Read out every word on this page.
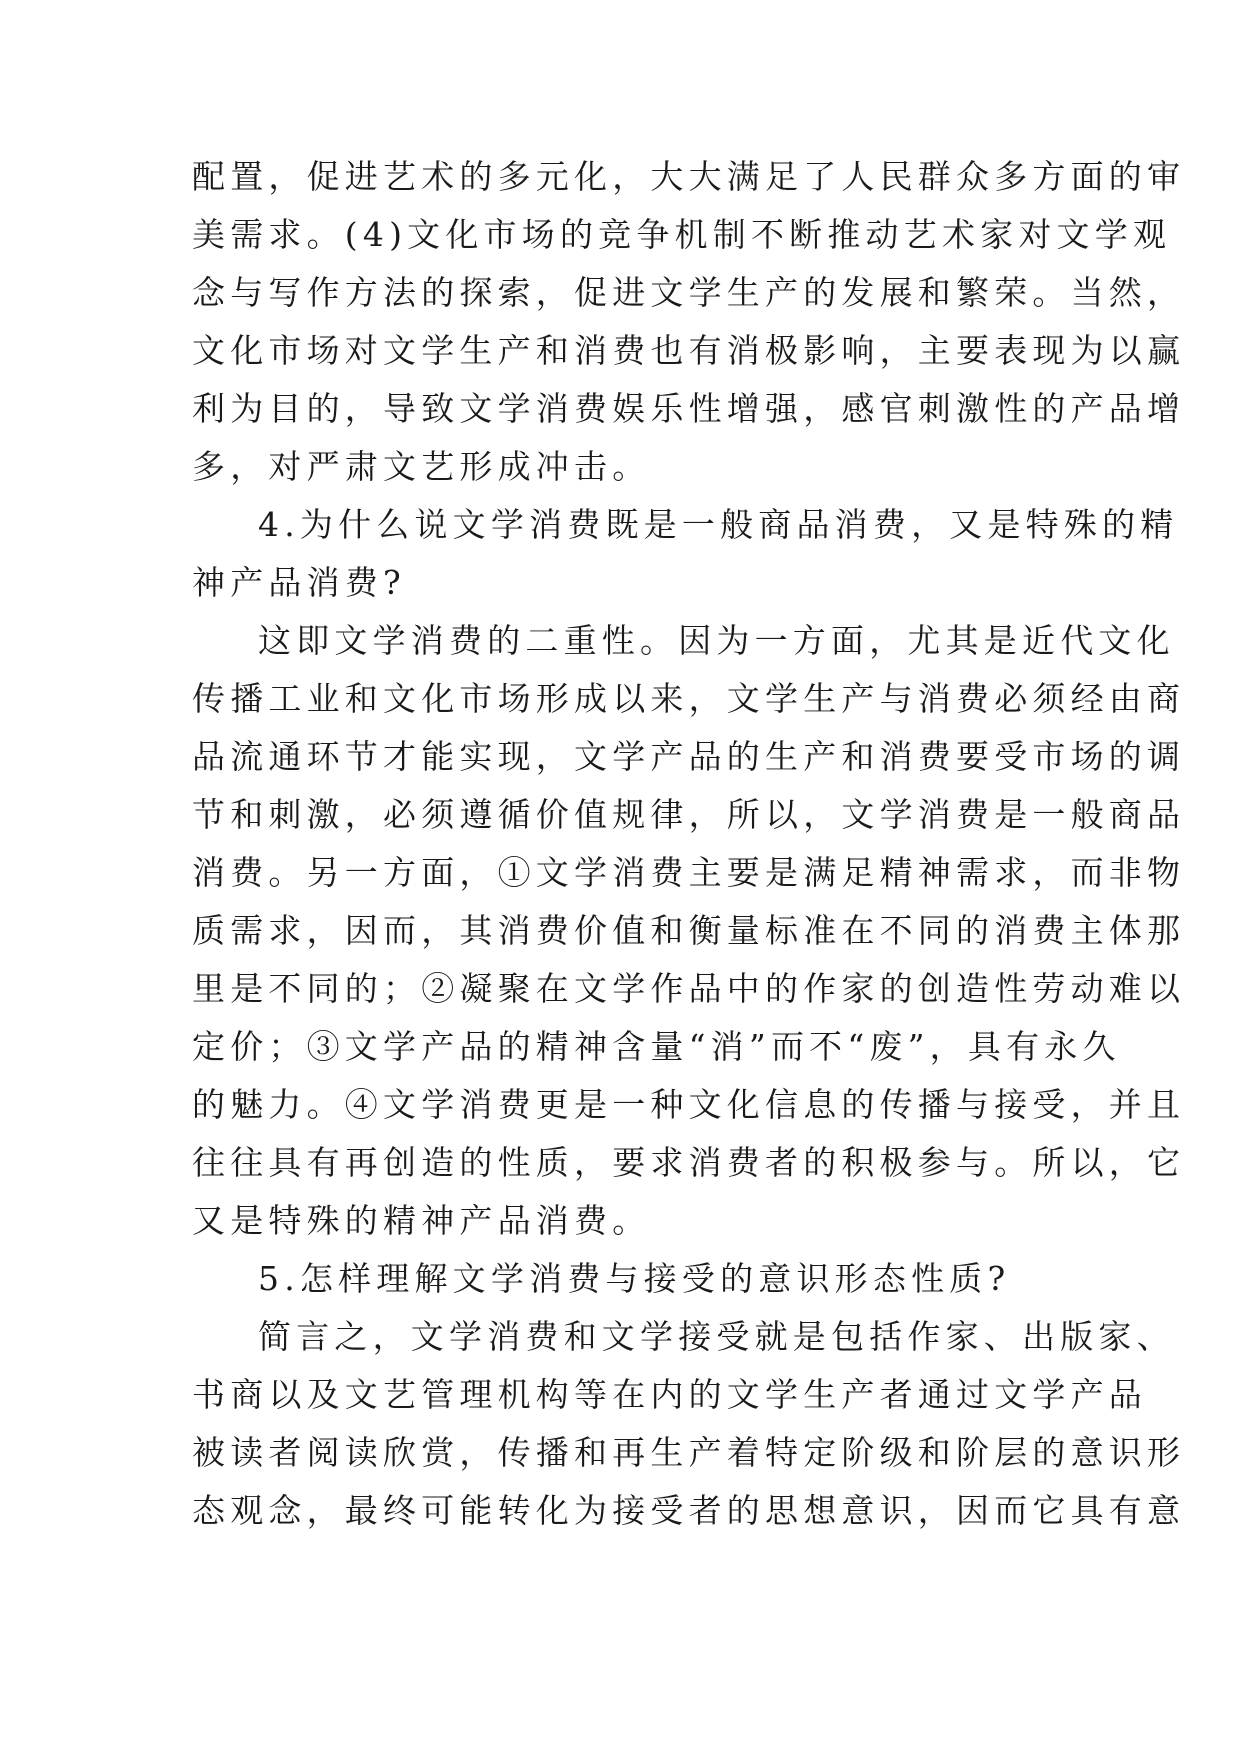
配置，促进艺术的多元化，大大满足了人民群众多方面的审
美需求。(4)文化市场的竞争机制不断推动艺术家对文学观
念与写作方法的探索，促进文学生产的发展和繁荣。当然，
文化市场对文学生产和消费也有消极影响，主要表现为以赢
利为目的，导致文学消费娱乐性增强，感官刺激性的产品增
多，对严肃文艺形成冲击。
4.为什么说文学消费既是一般商品消费，又是特殊的精
神产品消费?
这即文学消费的二重性。因为一方面，尤其是近代文化
传播工业和文化市场形成以来，文学生产与消费必须经由商
品流通环节才能实现，文学产品的生产和消费要受市场的调
节和刺激，必须遵循价值规律，所以，文学消费是一般商品
消费。另一方面，①文学消费主要是满足精神需求，而非物
质需求，因而，其消费价值和衡量标准在不同的消费主体那
里是不同的；②凝聚在文学作品中的作家的创造性劳动难以
定价；③文学产品的精神含量“消”而不“废”，具有永久
的魅力。④文学消费更是一种文化信息的传播与接受，并且
往往具有再创造的性质，要求消费者的积极参与。所以，它
又是特殊的精神产品消费。
5.怎样理解文学消费与接受的意识形态性质?
简言之，文学消费和文学接受就是包括作家、出版家、
书商以及文艺管理机构等在内的文学生产者通过文学产品
被读者阅读欣赏，传播和再生产着特定阶级和阶层的意识形
态观念，最终可能转化为接受者的思想意识，因而它具有意
